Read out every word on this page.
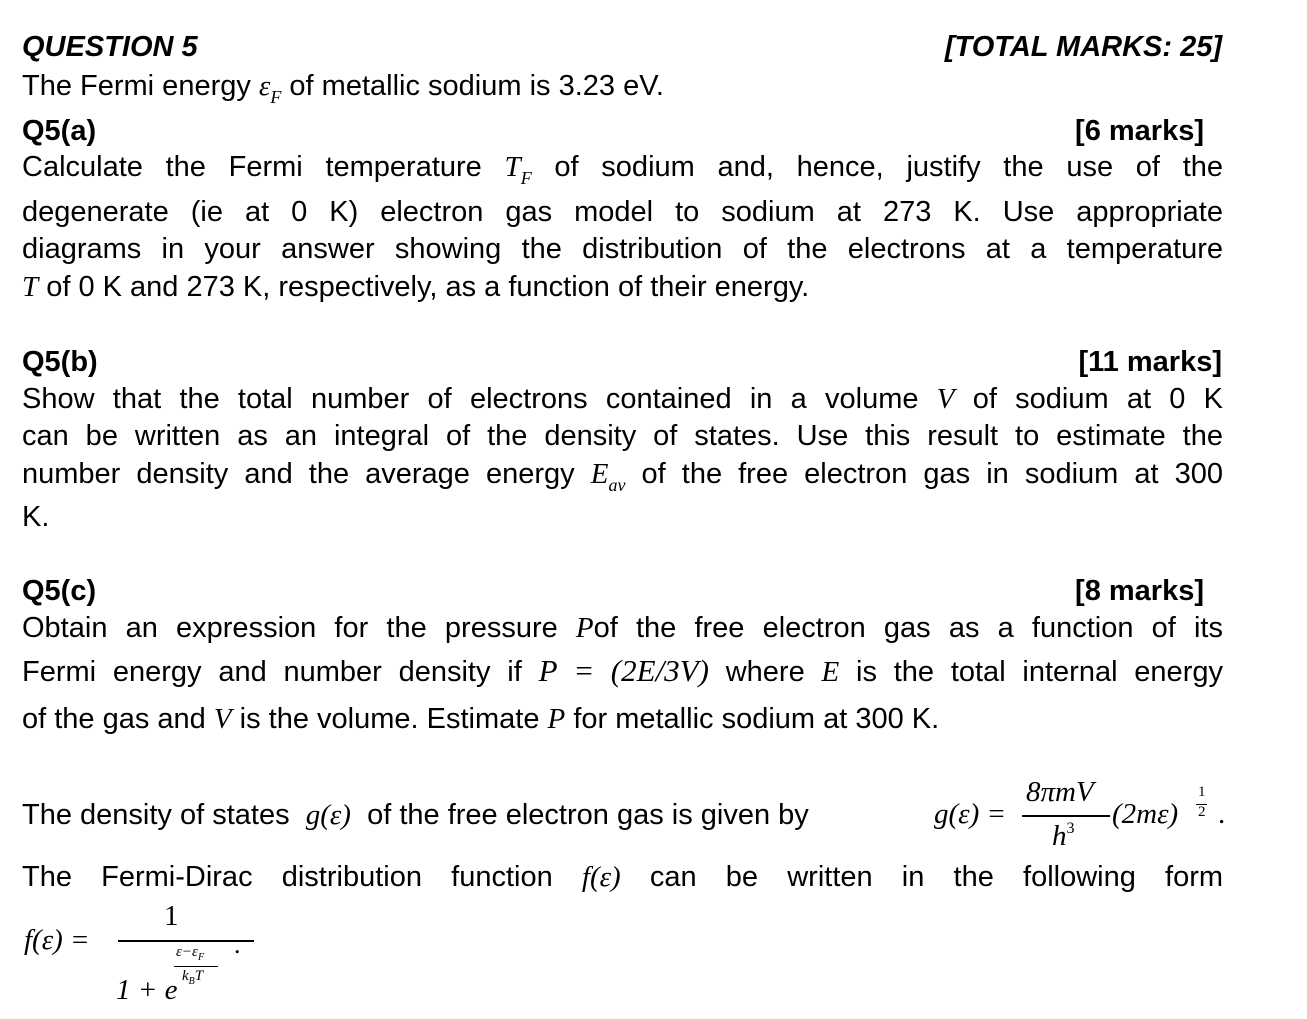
QUESTION 5	[TOTAL MARKS: 25]
The Fermi energy $\varepsilon_F$ of metallic sodium is 3.23 eV.
Q5(a)	[6 marks]
Calculate the Fermi temperature $T_F$ of sodium and, hence, justify the use of the
degenerate (ie at 0 K) electron gas model to sodium at 273 K. Use appropriate
diagrams in your answer showing the distribution of the electrons at a temperature
T of 0 K and 273 K, respectively, as a function of their energy.
Q5(b)	[11 marks]
Show that the total number of electrons contained in a volume V of sodium at 0 K
can be written as an integral of the density of states. Use this result to estimate the
number density and the average energy $E_{av}$ of the free electron gas in sodium at 300
K.
Q5(c)	[8 marks]
Obtain an expression for the pressure Pof the free electron gas as a function of its
Fermi energy and number density if P = (2E/3V) where E is the total internal energy
of the gas and V is the volume. Estimate P for metallic sodium at 300 K.
The density of states g(ε) of the free electron gas is given by	g(ε) =
8πmV
$h^3$ (2mε)
1
2 .
The Fermi-Dirac distribution function f(ε) can be written in the following form
f(ε) =
1
1 + e
$\varepsilon-\varepsilon_F$
$k_BT$
.
